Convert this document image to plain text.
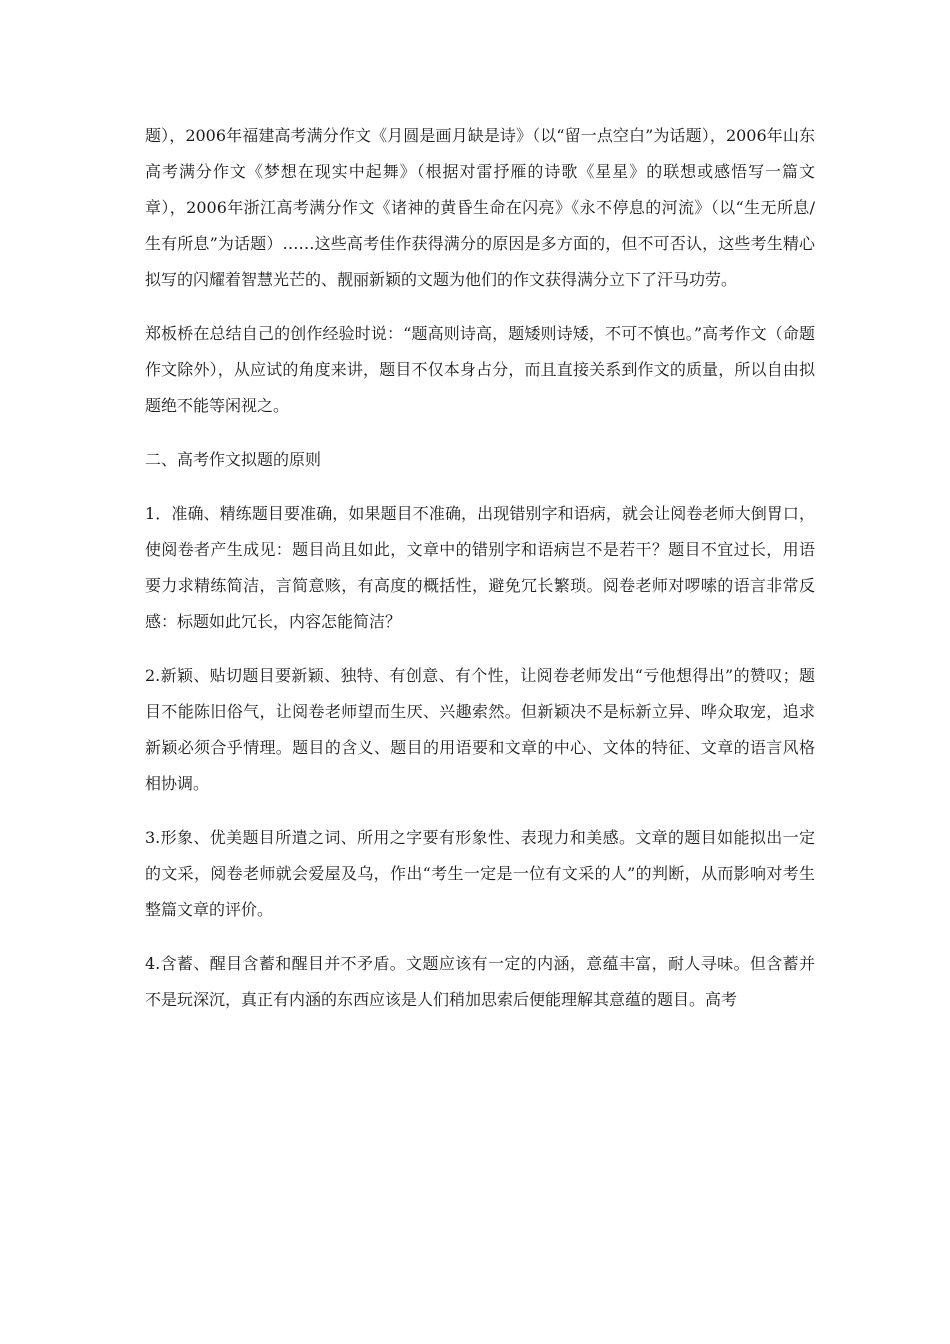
题），2006年福建高考满分作文《月圆是画月缺是诗》（以“留一点空白”为话题），2006年山东高考满分作文《梦想在现实中起舞》（根据对雷抒雁的诗歌《星星》的联想或感悟写一篇文章），2006年浙江高考满分作文《诸神的黄昏生命在闪亮》《永不停息的河流》（以“生无所息/生有所息”为话题）……这些高考佳作获得满分的原因是多方面的，但不可否认，这些考生精心拟写的闪耀着智慧光芒的、靓丽新颖的文题为他们的作文获得满分立下了汗马功劳。

郑板桥在总结自己的创作经验时说：“题高则诗高，题矮则诗矮，不可不慎也。”高考作文（命题作文除外），从应试的角度来讲，题目不仅本身占分，而且直接关系到作文的质量，所以自由拟题绝不能等闲视之。

二、高考作文拟题的原则

1．准确、精练题目要准确，如果题目不准确，出现错别字和语病，就会让阅卷老师大倒胃口，使阅卷者产生成见：题目尚且如此，文章中的错别字和语病岂不是若干？题目不宜过长，用语要力求精练简洁，言简意赅，有高度的概括性，避免冗长繁琐。阅卷老师对啰嗦的语言非常反感：标题如此冗长，内容怎能简洁？

2.新颖、贴切题目要新颖、独特、有创意、有个性，让阅卷老师发出“亏他想得出”的赞叹；题目不能陈旧俗气，让阅卷老师望而生厌、兴趣索然。但新颖决不是标新立异、哗众取宠，追求新颖必须合乎情理。题目的含义、题目的用语要和文章的中心、文体的特征、文章的语言风格相协调。

3.形象、优美题目所遣之词、所用之字要有形象性、表现力和美感。文章的题目如能拟出一定的文采，阅卷老师就会爱屋及乌，作出“考生一定是一位有文采的人”的判断，从而影响对考生整篇文章的评价。

4.含蓄、醒目含蓄和醒目并不矛盾。文题应该有一定的内涵，意蕴丰富，耐人寻味。但含蓄并不是玩深沉，真正有内涵的东西应该是人们稍加思索后便能理解其意蕴的题目。高考
